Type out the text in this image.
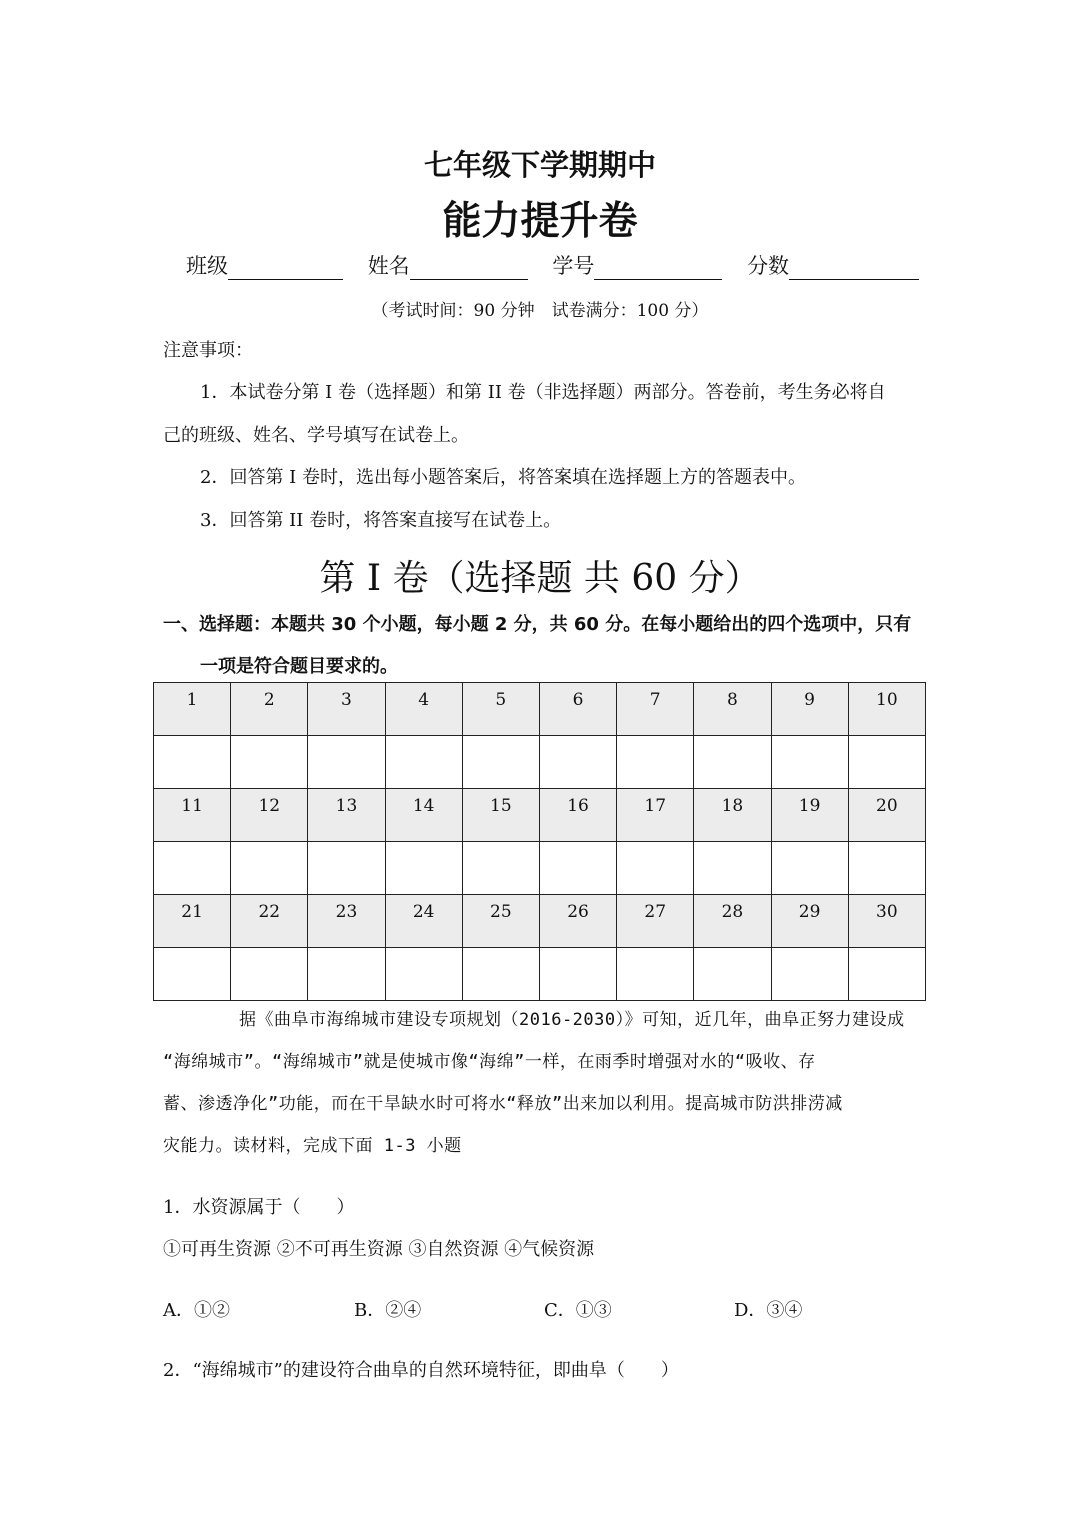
七年级下学期期中
能力提升卷
班级	姓名	学号	分数
（考试时间：90 分钟　试卷满分：100 分）
注意事项：
1．本试卷分第 I 卷（选择题）和第 II 卷（非选择题）两部分。答卷前，考生务必将自
己的班级、姓名、学号填写在试卷上。
2．回答第 I 卷时，选出每小题答案后，将答案填在选择题上方的答题表中。
3．回答第 II 卷时，将答案直接写在试卷上。
第 I 卷（选择题 共 60 分）
一、选择题：本题共 30 个小题，每小题 2 分，共 60 分。在每小题给出的四个选项中，只有
一项是符合题目要求的。
1	2	3	4	5	6	7	8	9	10

11	12	13	14	15	16	17	18	19	20

21	22	23	24	25	26	27	28	29	30

据《曲阜市海绵城市建设专项规划（2016-2030）》可知，近几年，曲阜正努力建设成
“海绵城市”。“海绵城市”就是使城市像“海绵”一样，在雨季时增强对水的“吸收、存
蓄、渗透净化”功能，而在干旱缺水时可将水“释放”出来加以利用。提高城市防洪排涝减
灾能力。读材料，完成下面 1-3 小题
1．水资源属于（　　）
①可再生资源 ②不可再生资源 ③自然资源 ④气候资源
A．①②	B．②④	C．①③	D．③④
2．“海绵城市”的建设符合曲阜的自然环境特征，即曲阜（　　）
